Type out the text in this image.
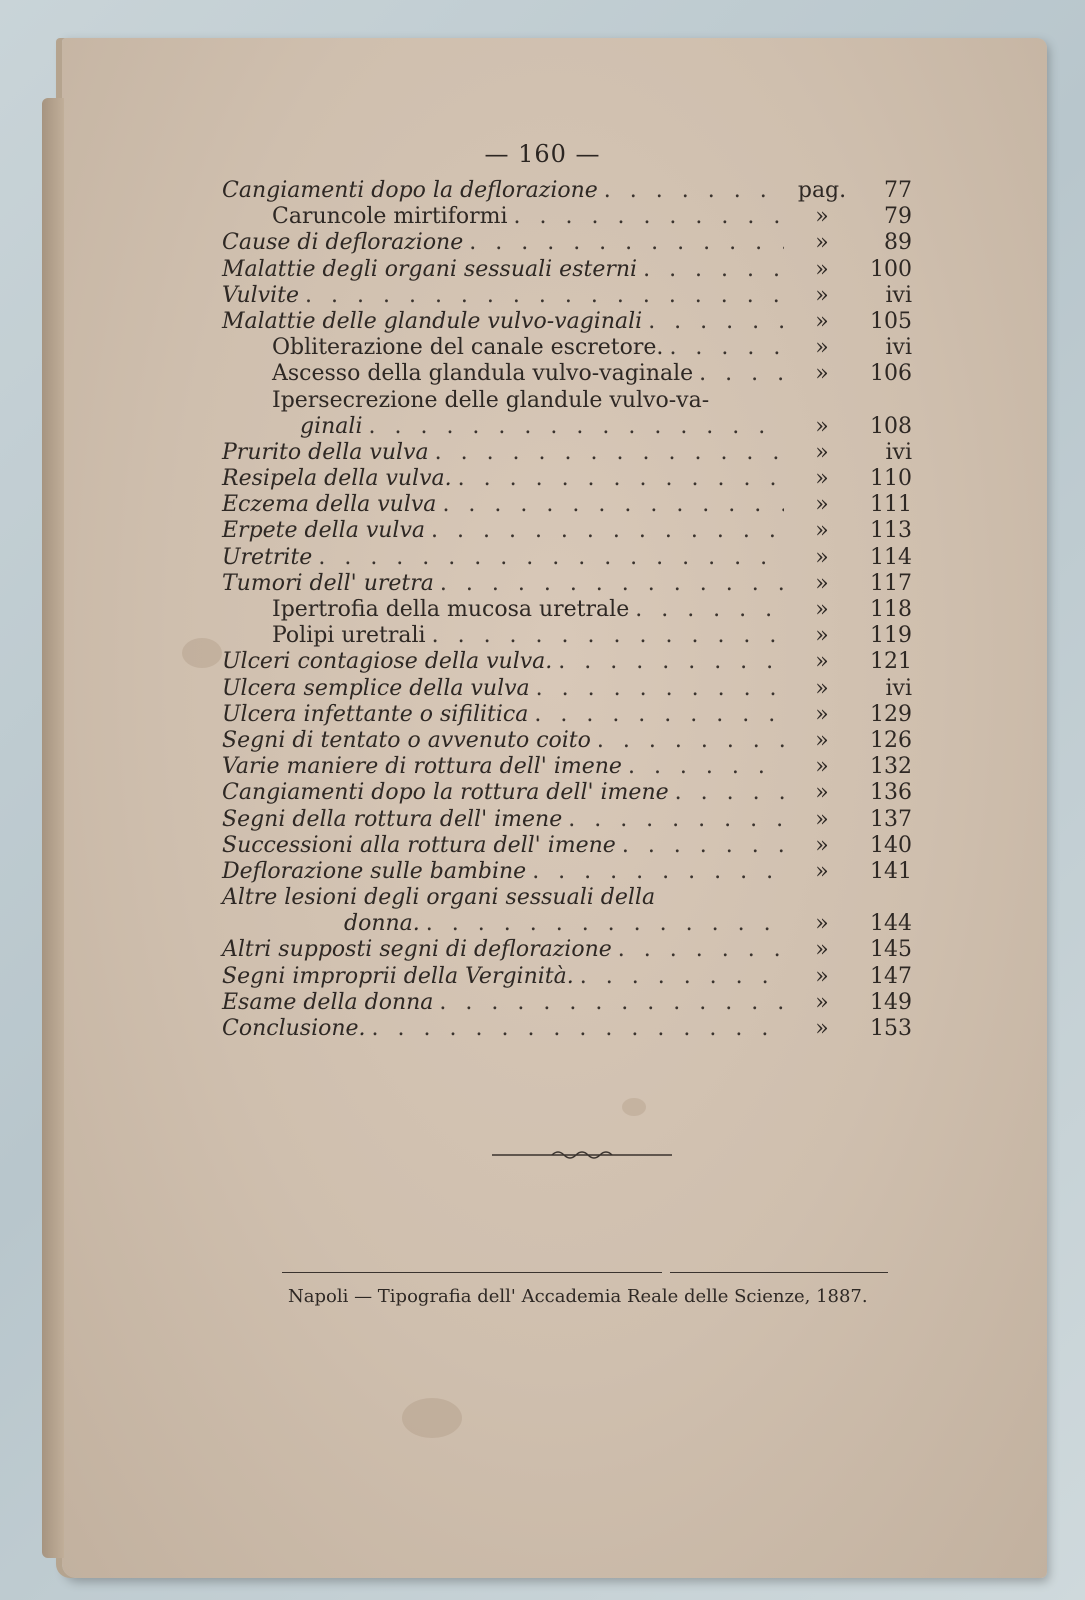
— 160 —
Cangiamenti dopo la deflorazione . . .	pag.	77
Caruncole mirtiformi . . .	»	79
Cause di deflorazione . . .	»	89
Malattie degli organi sessuali esterni . . .	»	100
Vulvite . . .	»	ivi
Malattie delle glandule vulvo-vaginali . . .	»	105
Obliterazione del canale escretore. . . .	»	ivi
Ascesso della glandula vulvo-vaginale . . .	»	106
Ipersecrezione delle glandule vulvo-va-
ginali . . .	»	108
Prurito della vulva . . .	»	ivi
Resipela della vulva. . . .	»	110
Eczema della vulva . . .	»	111
Erpete della vulva . . .	»	113
Uretrite . . .	»	114
Tumori dell' uretra . . .	»	117
Ipertrofia della mucosa uretrale . . .	»	118
Polipi uretrali . . .	»	119
Ulceri contagiose della vulva. . . .	»	121
Ulcera semplice della vulva . . .	»	ivi
Ulcera infettante o sifilitica . . .	»	129
Segni di tentato o avvenuto coito . . .	»	126
Varie maniere di rottura dell' imene . . .	»	132
Cangiamenti dopo la rottura dell' imene . . .	»	136
Segni della rottura dell' imene . . .	»	137
Successioni alla rottura dell' imene . . .	»	140
Deflorazione sulle bambine . . .	»	141
Altre lesioni degli organi sessuali della
donna. . . .	»	144
Altri supposti segni di deflorazione . . .	»	145
Segni improprii della Verginità. . . .	»	147
Esame della donna . . .	»	149
Conclusione. . . .	»	153
Napoli — Tipografia dell' Accademia Reale delle Scienze, 1887.
